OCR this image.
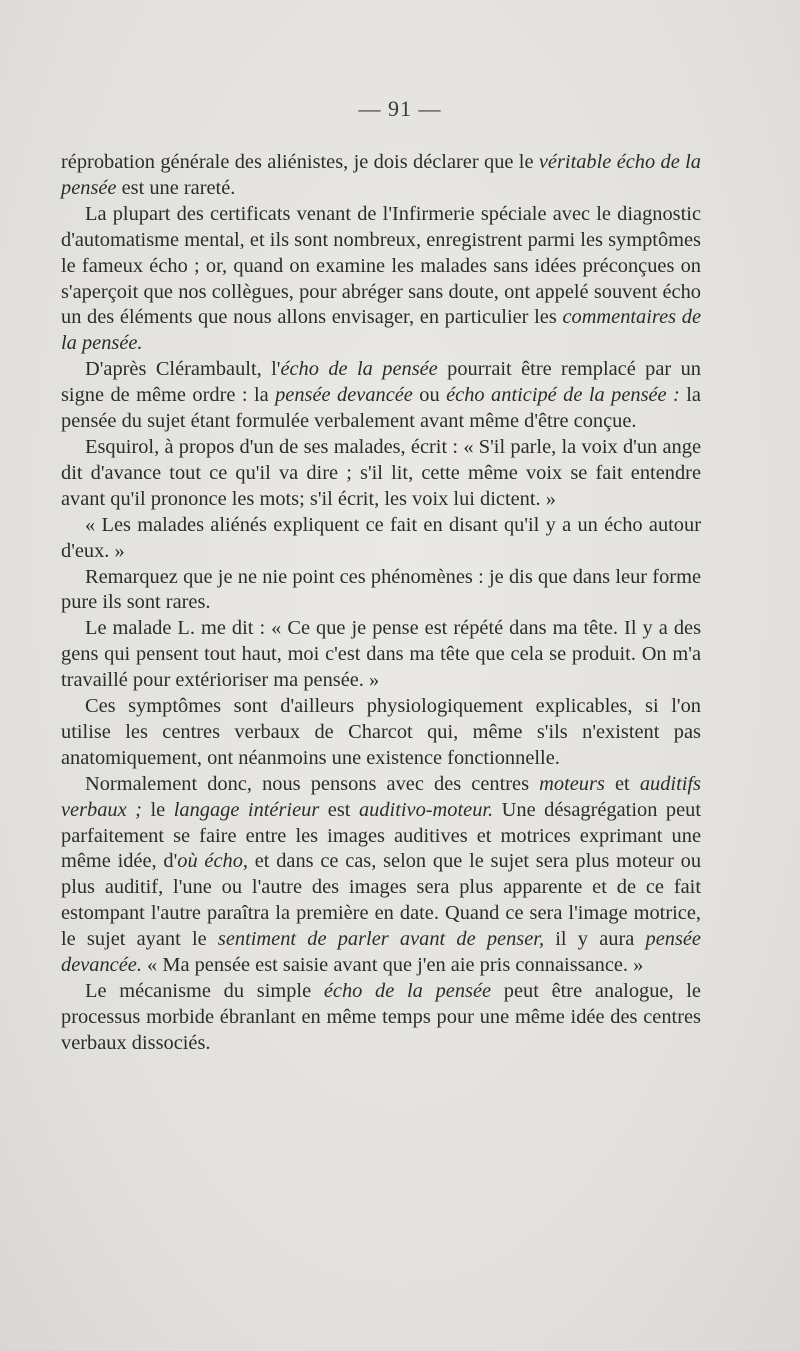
— 91 —

réprobation générale des aliénistes, je dois déclarer que le véritable écho de la pensée est une rareté.

La plupart des certificats venant de l'Infirmerie spéciale avec le diagnostic d'automatisme mental, et ils sont nombreux, enregistrent parmi les symptômes le fameux écho ; or, quand on examine les malades sans idées préconçues on s'aperçoit que nos collègues, pour abréger sans doute, ont appelé souvent écho un des éléments que nous allons envisager, en particulier les commentaires de la pensée.

D'après Clérambault, l'écho de la pensée pourrait être remplacé par un signe de même ordre : la pensée devancée ou écho anticipé de la pensée : la pensée du sujet étant formulée verbalement avant même d'être conçue.

Esquirol, à propos d'un de ses malades, écrit : « S'il parle, la voix d'un ange dit d'avance tout ce qu'il va dire ; s'il lit, cette même voix se fait entendre avant qu'il prononce les mots; s'il écrit, les voix lui dictent. »

« Les malades aliénés expliquent ce fait en disant qu'il y a un écho autour d'eux. »

Remarquez que je ne nie point ces phénomènes : je dis que dans leur forme pure ils sont rares.

Le malade L. me dit : « Ce que je pense est répété dans ma tête. Il y a des gens qui pensent tout haut, moi c'est dans ma tête que cela se produit. On m'a travaillé pour extérioriser ma pensée. »

Ces symptômes sont d'ailleurs physiologiquement explicables, si l'on utilise les centres verbaux de Charcot qui, même s'ils n'existent pas anatomiquement, ont néanmoins une existence fonctionnelle.

Normalement donc, nous pensons avec des centres moteurs et auditifs verbaux ; le langage intérieur est auditivo-moteur. Une désagrégation peut parfaitement se faire entre les images auditives et motrices exprimant une même idée, d'où écho, et dans ce cas, selon que le sujet sera plus moteur ou plus auditif, l'une ou l'autre des images sera plus apparente et de ce fait estompant l'autre paraîtra la première en date. Quand ce sera l'image motrice, le sujet ayant le sentiment de parler avant de penser, il y aura pensée devancée. « Ma pensée est saisie avant que j'en aie pris connaissance. »

Le mécanisme du simple écho de la pensée peut être analogue, le processus morbide ébranlant en même temps pour une même idée des centres verbaux dissociés.
